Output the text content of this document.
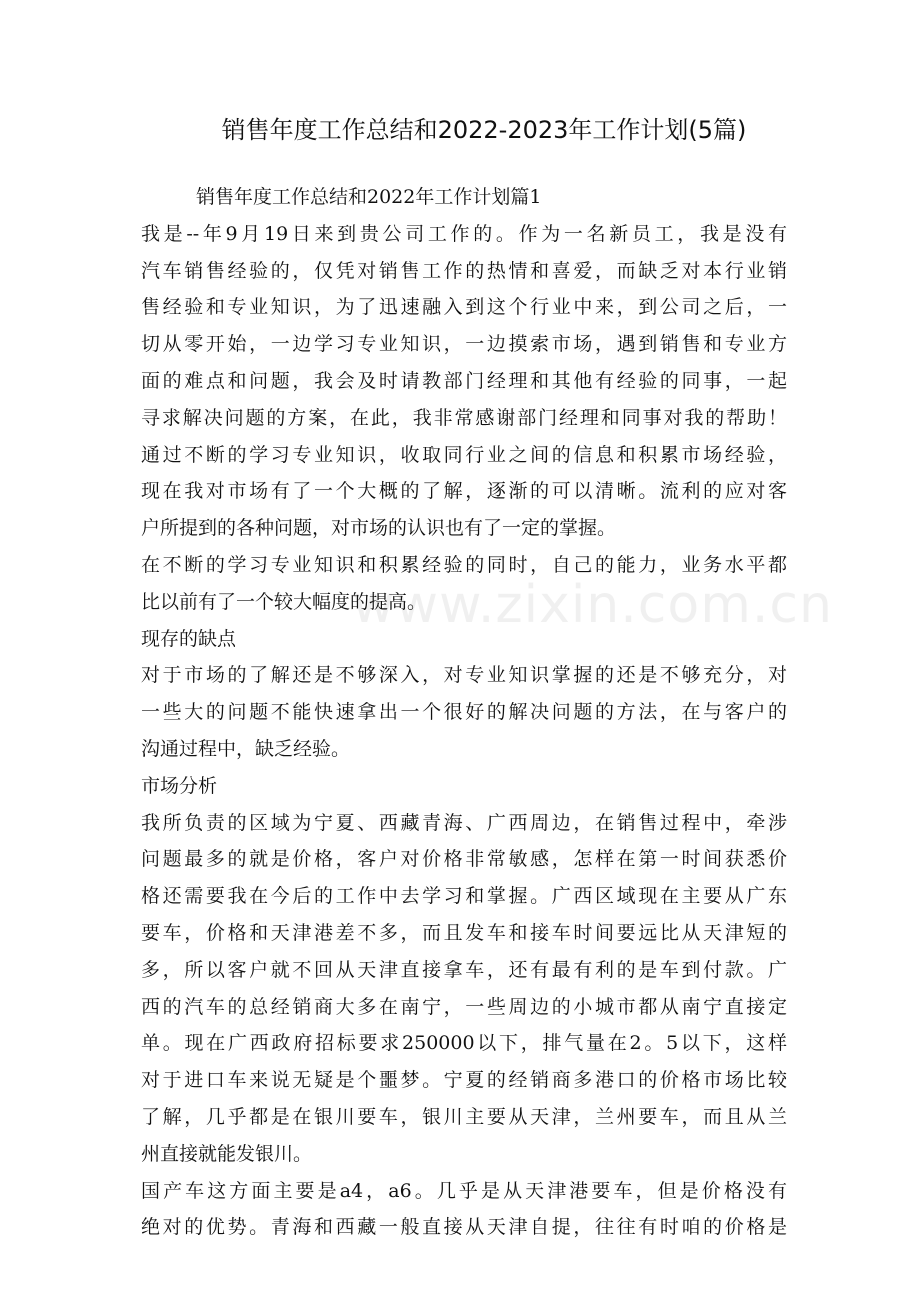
www.zixin.com.cn
销售年度工作总结和2022-2023年工作计划(5篇)
销售年度工作总结和2022年工作计划篇1
我是--年9月19日来到贵公司工作的。作为一名新员工，我是没有
汽车销售经验的，仅凭对销售工作的热情和喜爱，而缺乏对本行业销
售经验和专业知识，为了迅速融入到这个行业中来，到公司之后，一
切从零开始，一边学习专业知识，一边摸索市场，遇到销售和专业方
面的难点和问题，我会及时请教部门经理和其他有经验的同事，一起
寻求解决问题的方案，在此，我非常感谢部门经理和同事对我的帮助！
通过不断的学习专业知识，收取同行业之间的信息和积累市场经验，
现在我对市场有了一个大概的了解，逐渐的可以清晰。流利的应对客
户所提到的各种问题，对市场的认识也有了一定的掌握。
在不断的学习专业知识和积累经验的同时，自己的能力，业务水平都
比以前有了一个较大幅度的提高。
现存的缺点
对于市场的了解还是不够深入，对专业知识掌握的还是不够充分，对
一些大的问题不能快速拿出一个很好的解决问题的方法，在与客户的
沟通过程中，缺乏经验。
市场分析
我所负责的区域为宁夏、西藏青海、广西周边，在销售过程中，牵涉
问题最多的就是价格，客户对价格非常敏感，怎样在第一时间获悉价
格还需要我在今后的工作中去学习和掌握。广西区域现在主要从广东
要车，价格和天津港差不多，而且发车和接车时间要远比从天津短的
多，所以客户就不回从天津直接拿车，还有最有利的是车到付款。广
西的汽车的总经销商大多在南宁，一些周边的小城市都从南宁直接定
单。现在广西政府招标要求250000以下，排气量在2。5以下，这样
对于进口车来说无疑是个噩梦。宁夏的经销商多港口的价格市场比较
了解，几乎都是在银川要车，银川主要从天津，兰州要车，而且从兰
州直接就能发银川。
国产车这方面主要是a4，a6。几乎是从天津港要车，但是价格没有
绝对的优势。青海和西藏一般直接从天津自提，往往有时咱的价格是
